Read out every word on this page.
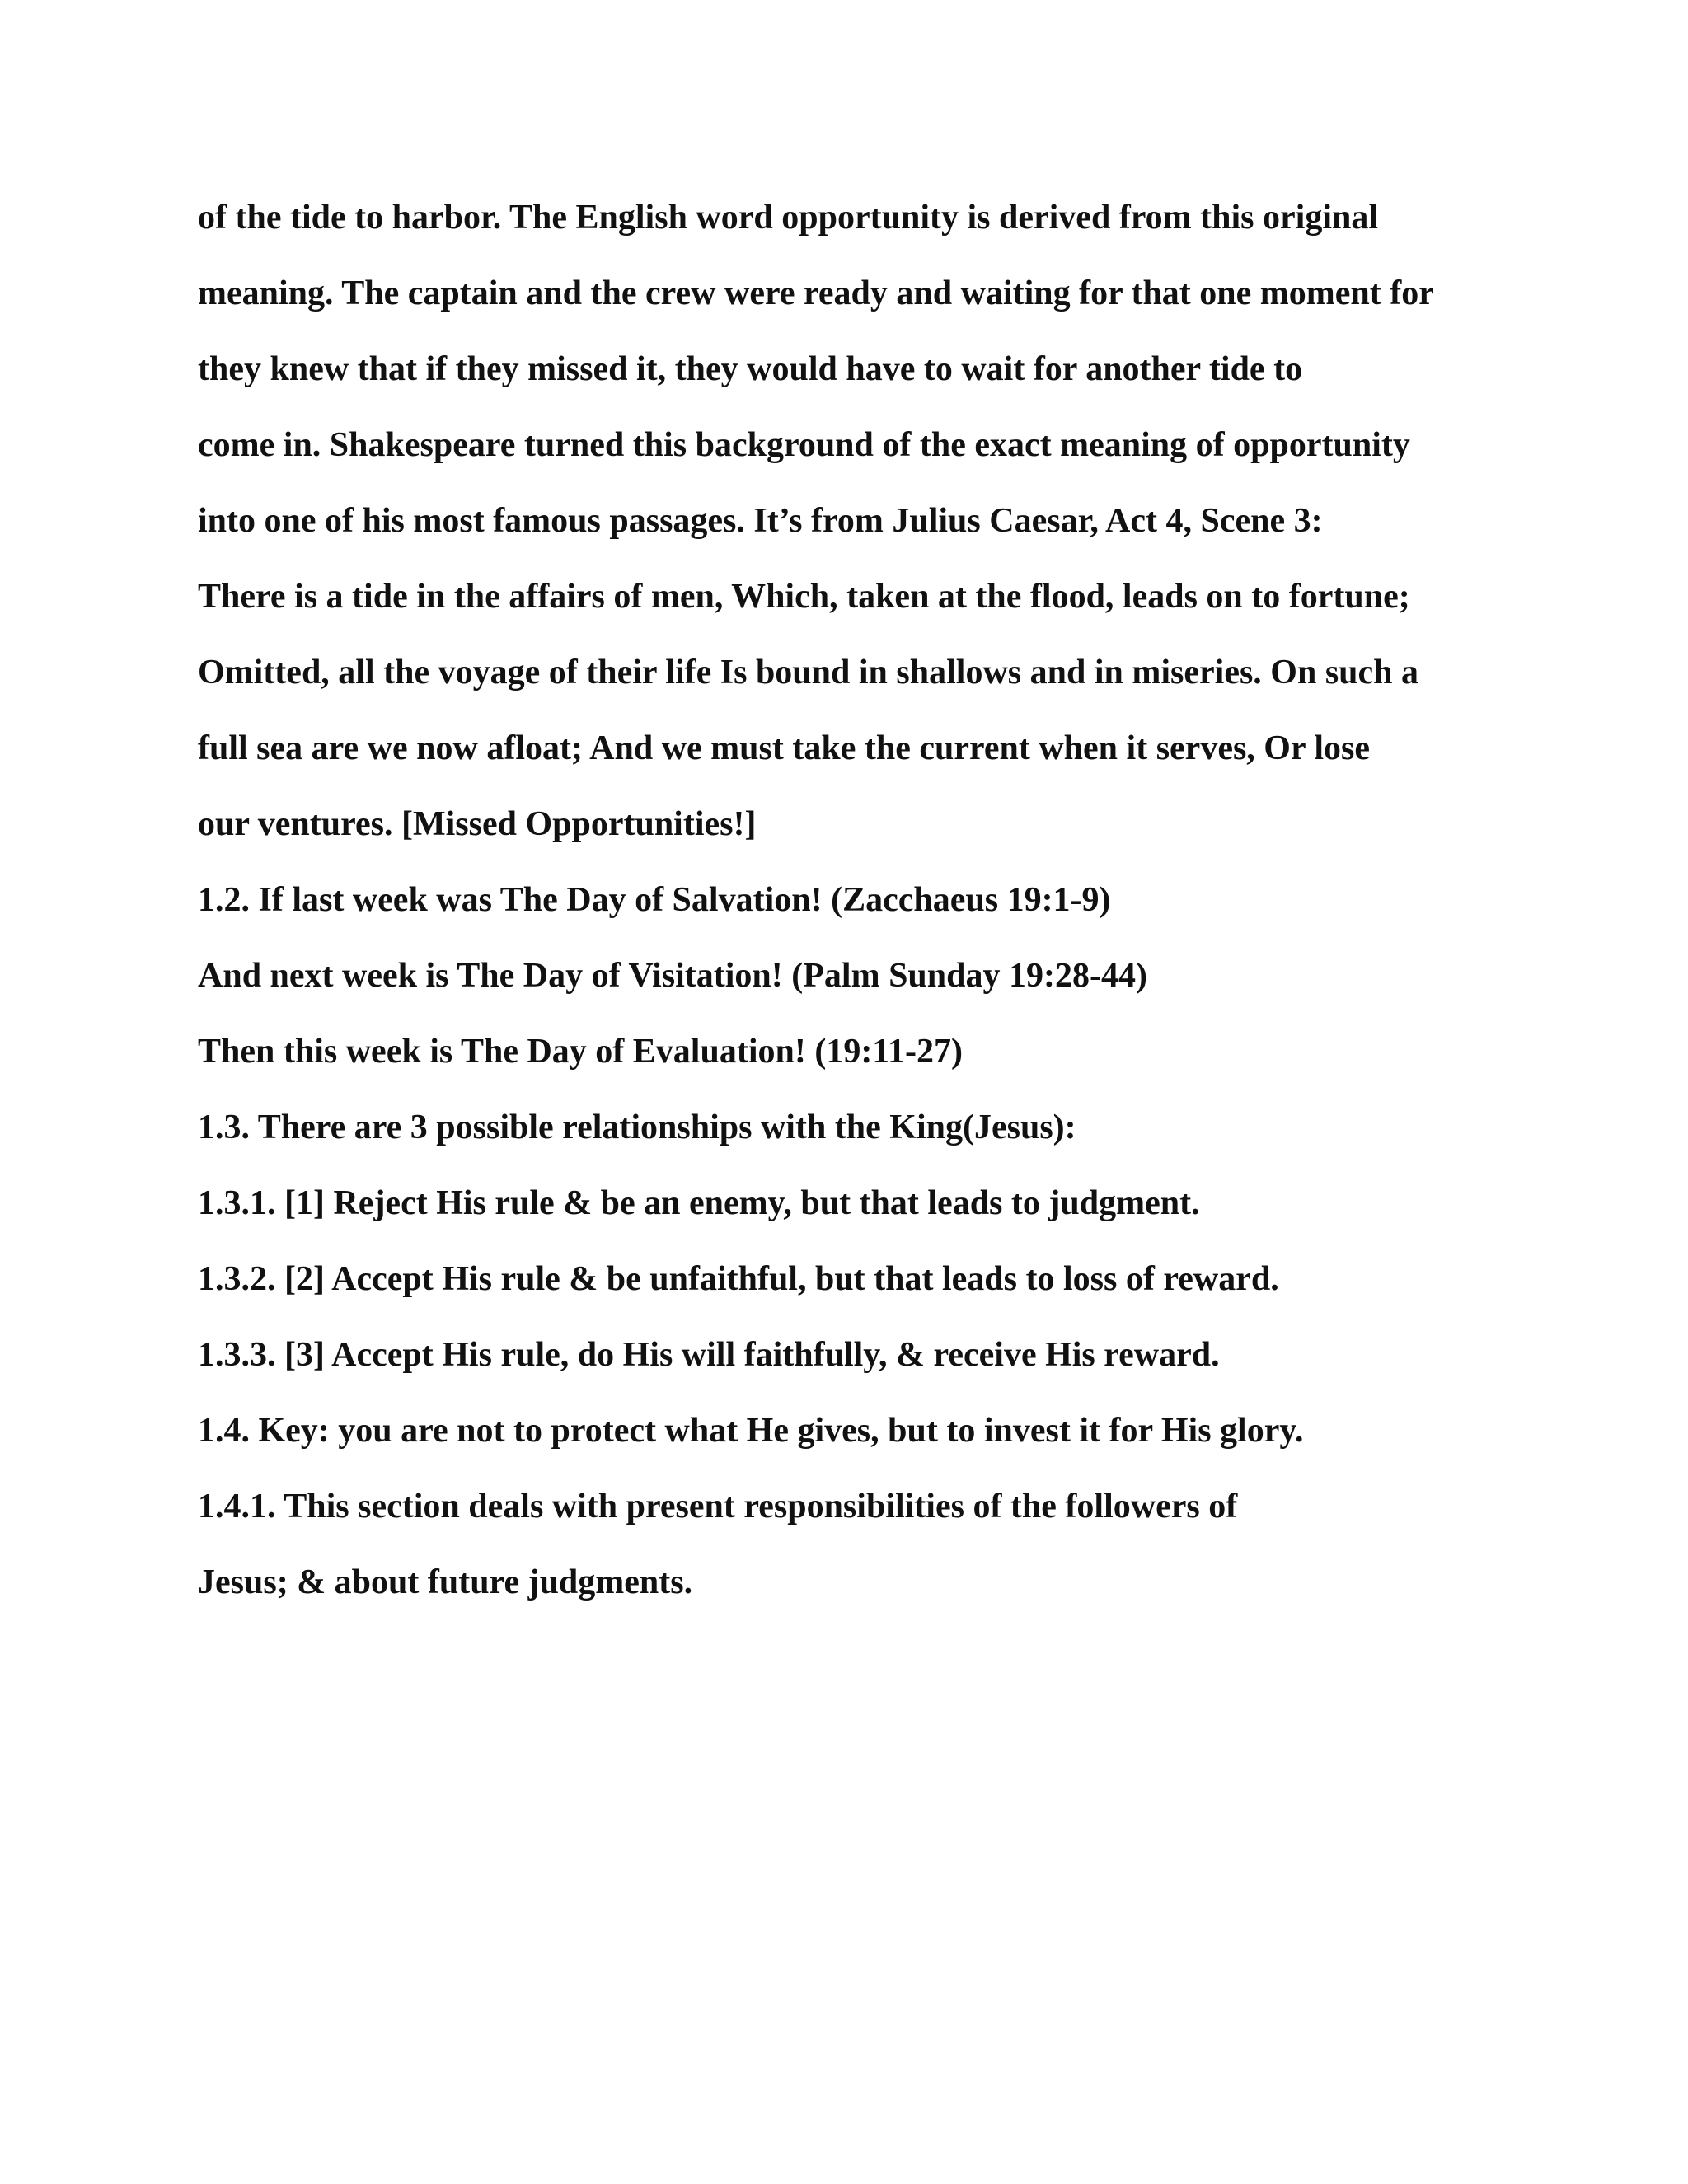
of the tide to harbor. The English word opportunity is derived from this original

meaning. The captain and the crew were ready and waiting for that one moment for

they knew that if they missed it, they would have to wait for another tide to

come in. Shakespeare turned this background of the exact meaning of opportunity

into one of his most famous passages. It’s from Julius Caesar, Act 4, Scene 3:

There is a tide in the affairs of men, Which, taken at the flood, leads on to fortune;

Omitted, all the voyage of their life Is bound in shallows and in miseries. On such a

full sea are we now afloat; And we must take the current when it serves, Or lose

our ventures. [Missed Opportunities!]

1.2. If last week was The Day of Salvation! (Zacchaeus 19:1-9)

And next week is The Day of Visitation! (Palm Sunday 19:28-44)

Then this week is The Day of Evaluation! (19:11-27)

1.3. There are 3 possible relationships with the King(Jesus):

1.3.1. [1] Reject His rule & be an enemy, but that leads to judgment.

1.3.2. [2] Accept His rule & be unfaithful, but that leads to loss of reward.

1.3.3. [3] Accept His rule, do His will faithfully, & receive His reward.

1.4. Key: you are not to protect what He gives, but to invest it for His glory.

1.4.1. This section deals with present responsibilities of the followers of

Jesus; & about future judgments.
